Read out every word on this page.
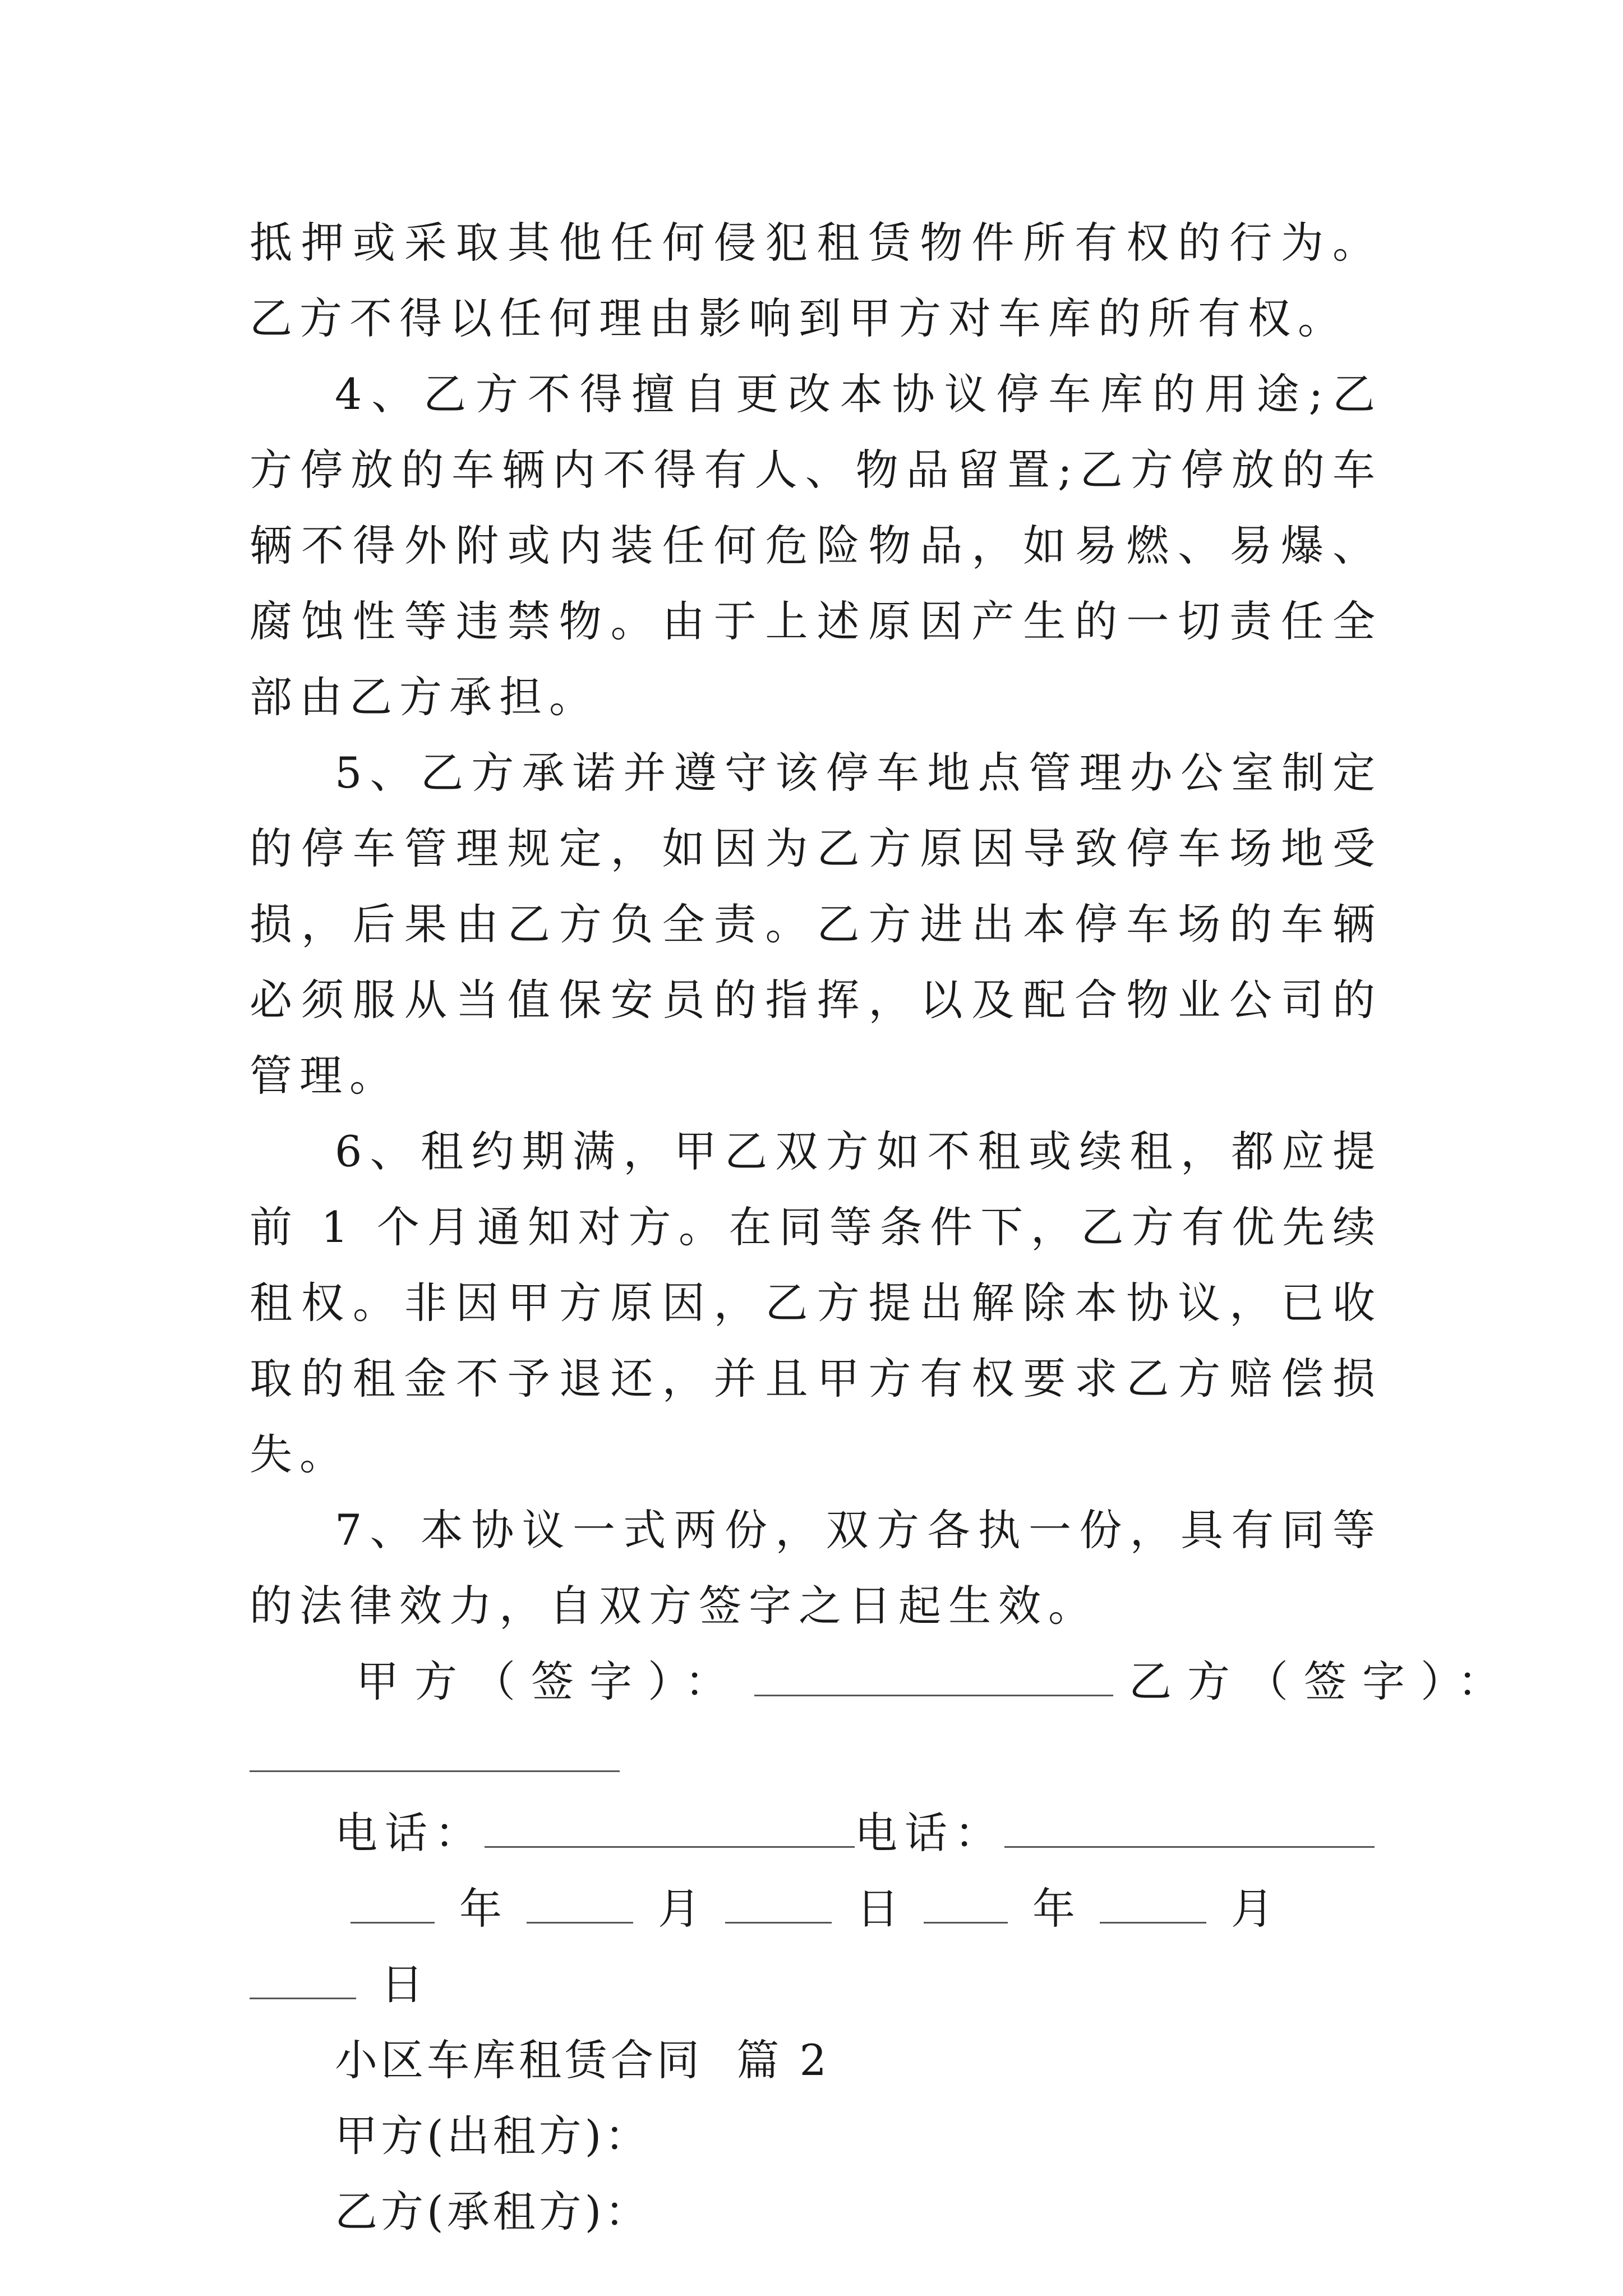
抵押或采取其他任何侵犯租赁物件所有权的行为。乙方不得以任何理由影响到甲方对车库的所有权。

4、乙方不得擅自更改本协议停车库的用途;乙方停放的车辆内不得有人、物品留置;乙方停放的车辆不得外附或内装任何危险物品，如易燃、易爆、腐蚀性等违禁物。由于上述原因产生的一切责任全部由乙方承担。

5、乙方承诺并遵守该停车地点管理办公室制定的停车管理规定，如因为乙方原因导致停车场地受损，后果由乙方负全责。乙方进出本停车场的车辆必须服从当值保安员的指挥，以及配合物业公司的管理。

6、租约期满，甲乙双方如不租或续租，都应提前 1 个月通知对方。在同等条件下，乙方有优先续租权。非因甲方原因，乙方提出解除本协议，已收取的租金不予退还，并且甲方有权要求乙方赔偿损失。

7、本协议一式两份，双方各执一份，具有同等的法律效力，自双方签字之日起生效。

甲方（签字）：	乙方（签字）：

电话：	电话：

年	月	日	年	月

日

小区车库租赁合同  篇 2

甲方(出租方)：

乙方(承租方)：
